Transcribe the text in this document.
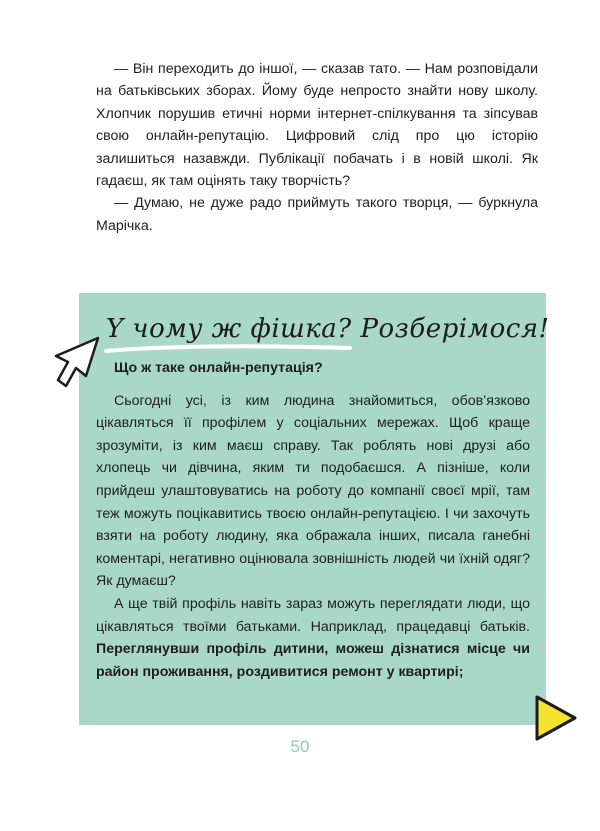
— Він переходить до іншої, — сказав тато. — Нам розповідали на батьківських зборах. Йому буде непросто знайти нову школу. Хлопчик порушив етичні норми інтернет-спілкування та зіпсував свою онлайн-репутацію. Цифровий слід про цю історію залишиться назавжди. Публікації побачать і в новій школі. Як гадаєш, як там оцінять таку творчість?

— Думаю, не дуже радо приймуть такого творця, — буркнула Марічка.

Y чому ж фішка? Розберімося!

Що ж таке онлайн-репутація?

Сьогодні усі, із ким людина знайомиться, обов’язково цікавляться її профілем у соціальних мережах. Щоб краще зрозуміти, із ким маєш справу. Так роблять нові друзі або хлопець чи дівчина, яким ти подобаєшся. А пізніше, коли прийдеш улаштовуватись на роботу до компанії своєї мрії, там теж можуть поцікавитись твоєю онлайн-репутацією. І чи захочуть взяти на роботу людину, яка ображала інших, писала ганебні коментарі, негативно оцінювала зовнішність людей чи їхній одяг? Як думаєш?

А ще твій профіль навіть зараз можуть переглядати люди, що цікавляться твоїми батьками. Наприклад, працедавці батьків. Переглянувши профіль дитини, можеш дізнатися місце чи район проживання, роздивитися ремонт у квартирі;

50
